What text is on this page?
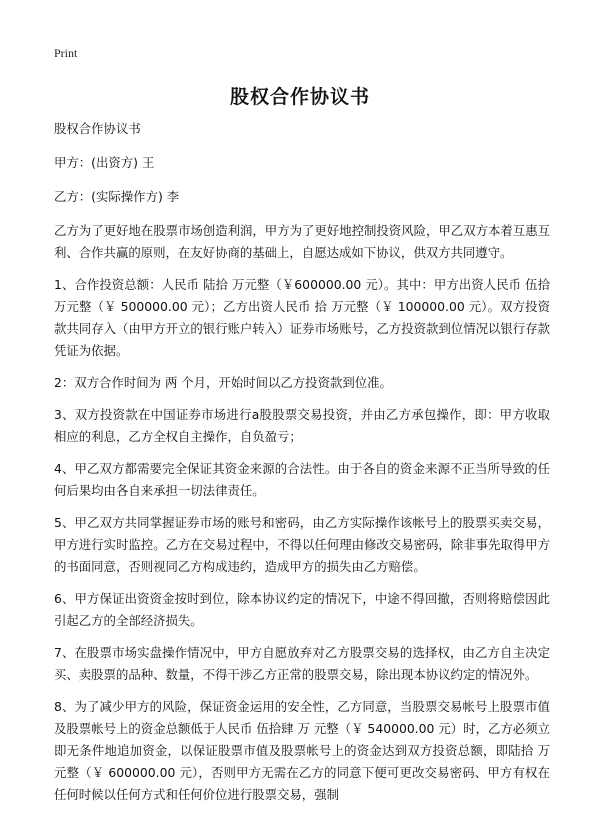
Print
股权合作协议书

股权合作协议书

甲方：(出资方) 王

乙方：(实际操作方) 李

乙方为了更好地在股票市场创造利润，甲方为了更好地控制投资风险，甲乙双方本着互惠互利、合作共赢的原则，在友好协商的基础上，自愿达成如下协议，供双方共同遵守。

1、合作投资总额：人民币 陆拾 万元整（￥600000.00 元）。其中：甲方出资人民币 伍拾 万元整（￥ 500000.00 元）；乙方出资人民币 拾 万元整（￥ 100000.00 元）。双方投资款共同存入（由甲方开立的银行账户转入）证券市场账号，乙方投资款到位情况以银行存款凭证为依据。

2：双方合作时间为 两 个月，开始时间以乙方投资款到位准。

3、双方投资款在中国证券市场进行a股股票交易投资，并由乙方承包操作，即：甲方收取相应的利息，乙方全权自主操作，自负盈亏；

4、甲乙双方都需要完全保证其资金来源的合法性。由于各自的资金来源不正当所导致的任何后果均由各自来承担一切法律责任。

5、甲乙双方共同掌握证券市场的账号和密码，由乙方实际操作该帐号上的股票买卖交易，甲方进行实时监控。乙方在交易过程中，不得以任何理由修改交易密码，除非事先取得甲方的书面同意，否则视同乙方构成违约，造成甲方的损失由乙方赔偿。

6、甲方保证出资资金按时到位，除本协议约定的情况下，中途不得回撤，否则将赔偿因此引起乙方的全部经济损失。

7、在股票市场实盘操作情况中，甲方自愿放弃对乙方股票交易的选择权，由乙方自主决定买、卖股票的品种、数量，不得干涉乙方正常的股票交易，除出现本协议约定的情况外。

8、为了减少甲方的风险，保证资金运用的安全性，乙方同意，当股票交易帐号上股票市值及股票帐号上的资金总额低于人民币 伍拾肆 万 元整（￥ 540000.00 元）时，乙方必须立即无条件地追加资金，以保证股票市值及股票帐号上的资金达到双方投资总额，即陆拾 万元整（￥ 600000.00 元），否则甲方无需在乙方的同意下便可更改交易密码、甲方有权在任何时候以任何方式和任何价位进行股票交易，强制
